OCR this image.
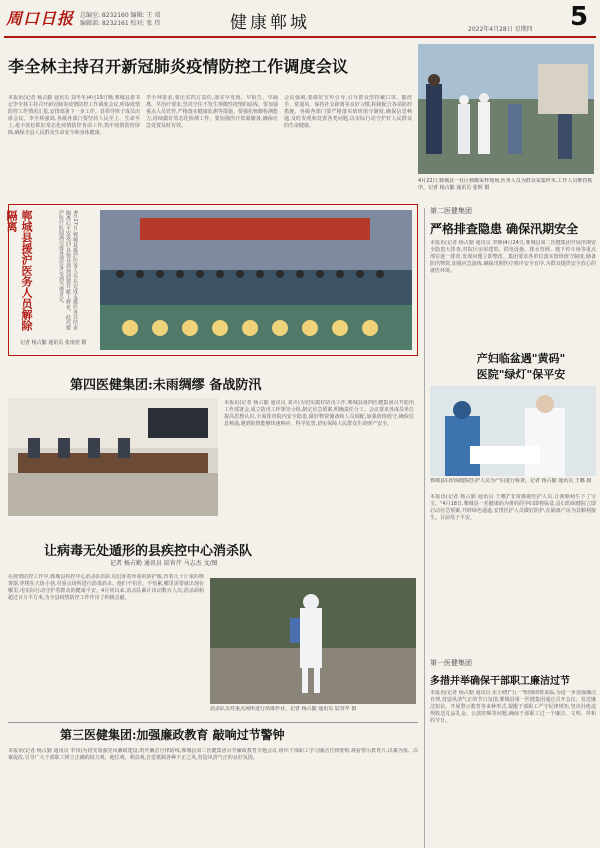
周口日报 总编室: 8232160 编辑: 王 靖
编辑部: 8232161 校对: 张 伟	健康郸城	2022年4月28日 星期四 5
李全林主持召开新冠肺炎疫情防控工作调度会议
本报讯(记者 杨占勤 通讯员 刘冬冬)4月19日晚,郸城县委书记李全林主持召开新冠肺炎疫情防控工作调度会议,听取疫情防控工作情况汇报,安排部署下一步工作。县领导班子成员出席会议。李全林强调,各级各部门要坚持人民至上、生命至上,毫不放松抓好常态化疫情防控各项工作,筑牢疫情防控屏障,确保全县人民群众生命安全和身体健康。
李全林要求,要压实四方责任,落实早发现、早报告、早隔离、早治疗要求,坚决守住不发生规模性疫情的底线。要加强重点人员管控,严格落实健康监测等措施。要强化核酸检测能力,持续做好常态化检测工作。要加强医疗资源储备,确保应急处置及时有效。
会议强调,要做好宣传引导,引导群众坚持戴口罩、勤洗手、常通风、保持社交距离等良好习惯,积极配合各项防控措施。各级各部门要严格落实值班值守制度,确保信息畅通,及时发现和处置各类问题,以实际行动守护好人民群众的生命健康。
4月22日,郸城县一社区核酸采样现场,医务人员为群众采集样本,工作人员维持秩序。记者 杨占勤 通讯员 张辉 摄
郸城县援沪医务人员解除隔离	4月27日,郸城县援沪医务人员在完成支援任务并结束隔离后平安返回,县领导到场迎接并献上鲜花。此次援沪医疗队圆满完成各项任务,受到当地肯定。
记者 杨占勤 通讯员 张雨萱 摄
第二医健集团
严格排查隐患 确保汛期安全
本报讯(记者 杨占勤 通讯员 李静)4月24日,郸城县第二医健集团开展汛期安全隐患大排查,对院区房屋建筑、供电设施、排水管网、地下停车场等重点部位逐一排查,发现问题立即整改。集团要求各单位落实值班值守制度,储备防汛物资,加强应急演练,确保汛期医疗秩序安全有序,为群众提供安全放心的就医环境。
第四医健集团:未雨绸缪 备战防汛
本报讯(记者 杨占勤 通讯员 刘卉)为切实做好防汛工作,郸城县第四医健集团召开防汛工作部署会,成立防汛工作领导小组,制定应急预案,明确责任分工。会议要求各成员单位提高思想认识,全面排查院内安全隐患,做好物资储备和人员调配,加强值班值守,确保信息畅通,遇到险情能够快速响应、科学处置,切实保障人民群众生命财产安全。
产妇临盆遇"黄码"
医院"绿灯"保平安
郸城县妇幼保健院医护人员为产妇进行检查。记者 杨占勤 通讯员 王娜 摄
本报讯(记者 杨占勤 通讯员 王娜)"非常感谢医护人员,让我顺利生下了宝宝。"4月18日,郸城县一名健康码为黄码的孕妇即将临盆,县妇幼保健院立即启动应急预案,开辟绿色通道,安排医护人员做好防护,在隔离产房为其顺利接生。目前母子平安。
让病毒无处遁形的县疾控中心消杀队
记者 杨占勤 通讯员 辰宵芹 马志杰 文/图
在疫情防控工作中,郸城县疾控中心消杀队的队员们身着厚重的防护服,背着几十斤重的喷雾器,穿梭在大街小巷,对重点场所进行消毒消杀。他们不怕苦、不怕累,哪里需要就出现在哪里,用实际行动守护着群众的健康平安。4月初以来,消杀队累计出动数百人次,消杀面积超过百万平方米,为全县疫情防控工作作出了积极贡献。
消杀队员对重点场所进行消毒作业。记者 杨占勤 通讯员 辰宵芹 摄
第一医健集团
多措并举确保干部职工廉洁过节
本报讯(记者 杨占勤 通讯员 张小晓)"五一"假期即将来临,为进一步加强廉洁自律,营造风清气正的节日氛围,郸城县第一医健集团通过召开会议、发送廉洁短信、开展警示教育等多种形式,提醒干部职工严守纪律规矩,坚决杜绝违规收送礼品礼金、公款吃喝等问题,确保干部职工过一个廉洁、文明、祥和的节日。
第三医健集团:加强廉政教育 敲响过节警钟
本报讯(记者 杨占勤 通讯员 李伟)为切实加强党风廉政建设,筑牢廉洁自律防线,郸城县第三医健集团召开廉政教育专题会议,组织干部职工学习廉洁自律准则,观看警示教育片,以案为鉴、以案促改,引导广大干部职工树立正确的权力观、地位观、利益观,自觉抵制各种不正之风,营造风清气正的良好氛围。
